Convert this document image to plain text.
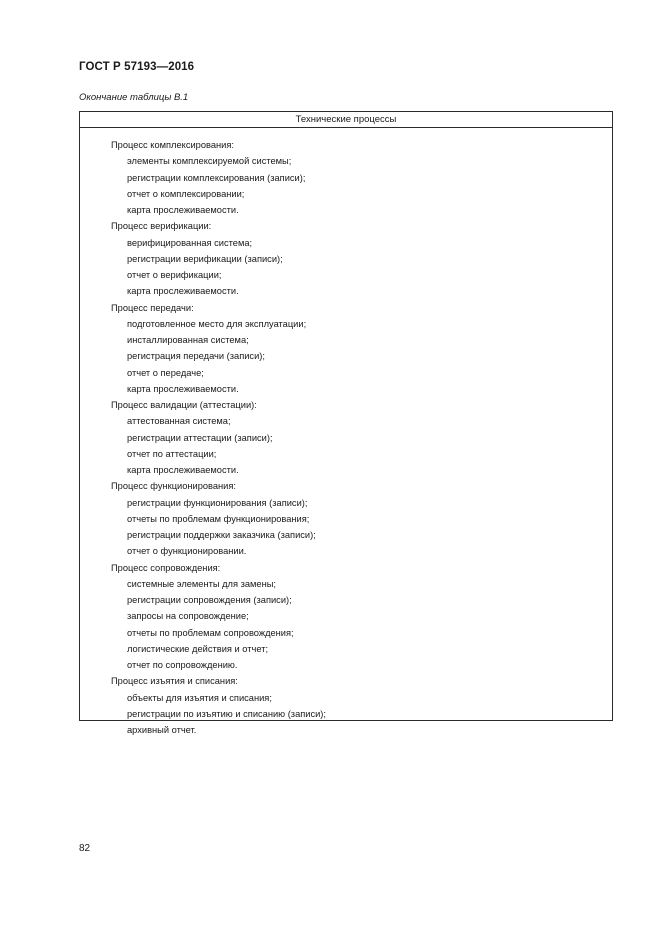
ГОСТ Р 57193—2016
Окончание таблицы В.1
Технические процессы
Процесс комплексирования:
элементы комплексируемой системы;
регистрации комплексирования (записи);
отчет о комплексировании;
карта прослеживаемости.
Процесс верификации:
верифицированная система;
регистрации верификации (записи);
отчет о верификации;
карта прослеживаемости.
Процесс передачи:
подготовленное место для эксплуатации;
инсталлированная система;
регистрация передачи (записи);
отчет о передаче;
карта прослеживаемости.
Процесс валидации (аттестации):
аттестованная система;
регистрации аттестации (записи);
отчет по аттестации;
карта прослеживаемости.
Процесс функционирования:
регистрации функционирования (записи);
отчеты по проблемам функционирования;
регистрации поддержки заказчика (записи);
отчет о функционировании.
Процесс сопровождения:
системные элементы для замены;
регистрации сопровождения (записи);
запросы на сопровождение;
отчеты по проблемам сопровождения;
логистические действия и отчет;
отчет по сопровождению.
Процесс изъятия и списания:
объекты для изъятия и списания;
регистрации по изъятию и списанию (записи);
архивный отчет.
82
